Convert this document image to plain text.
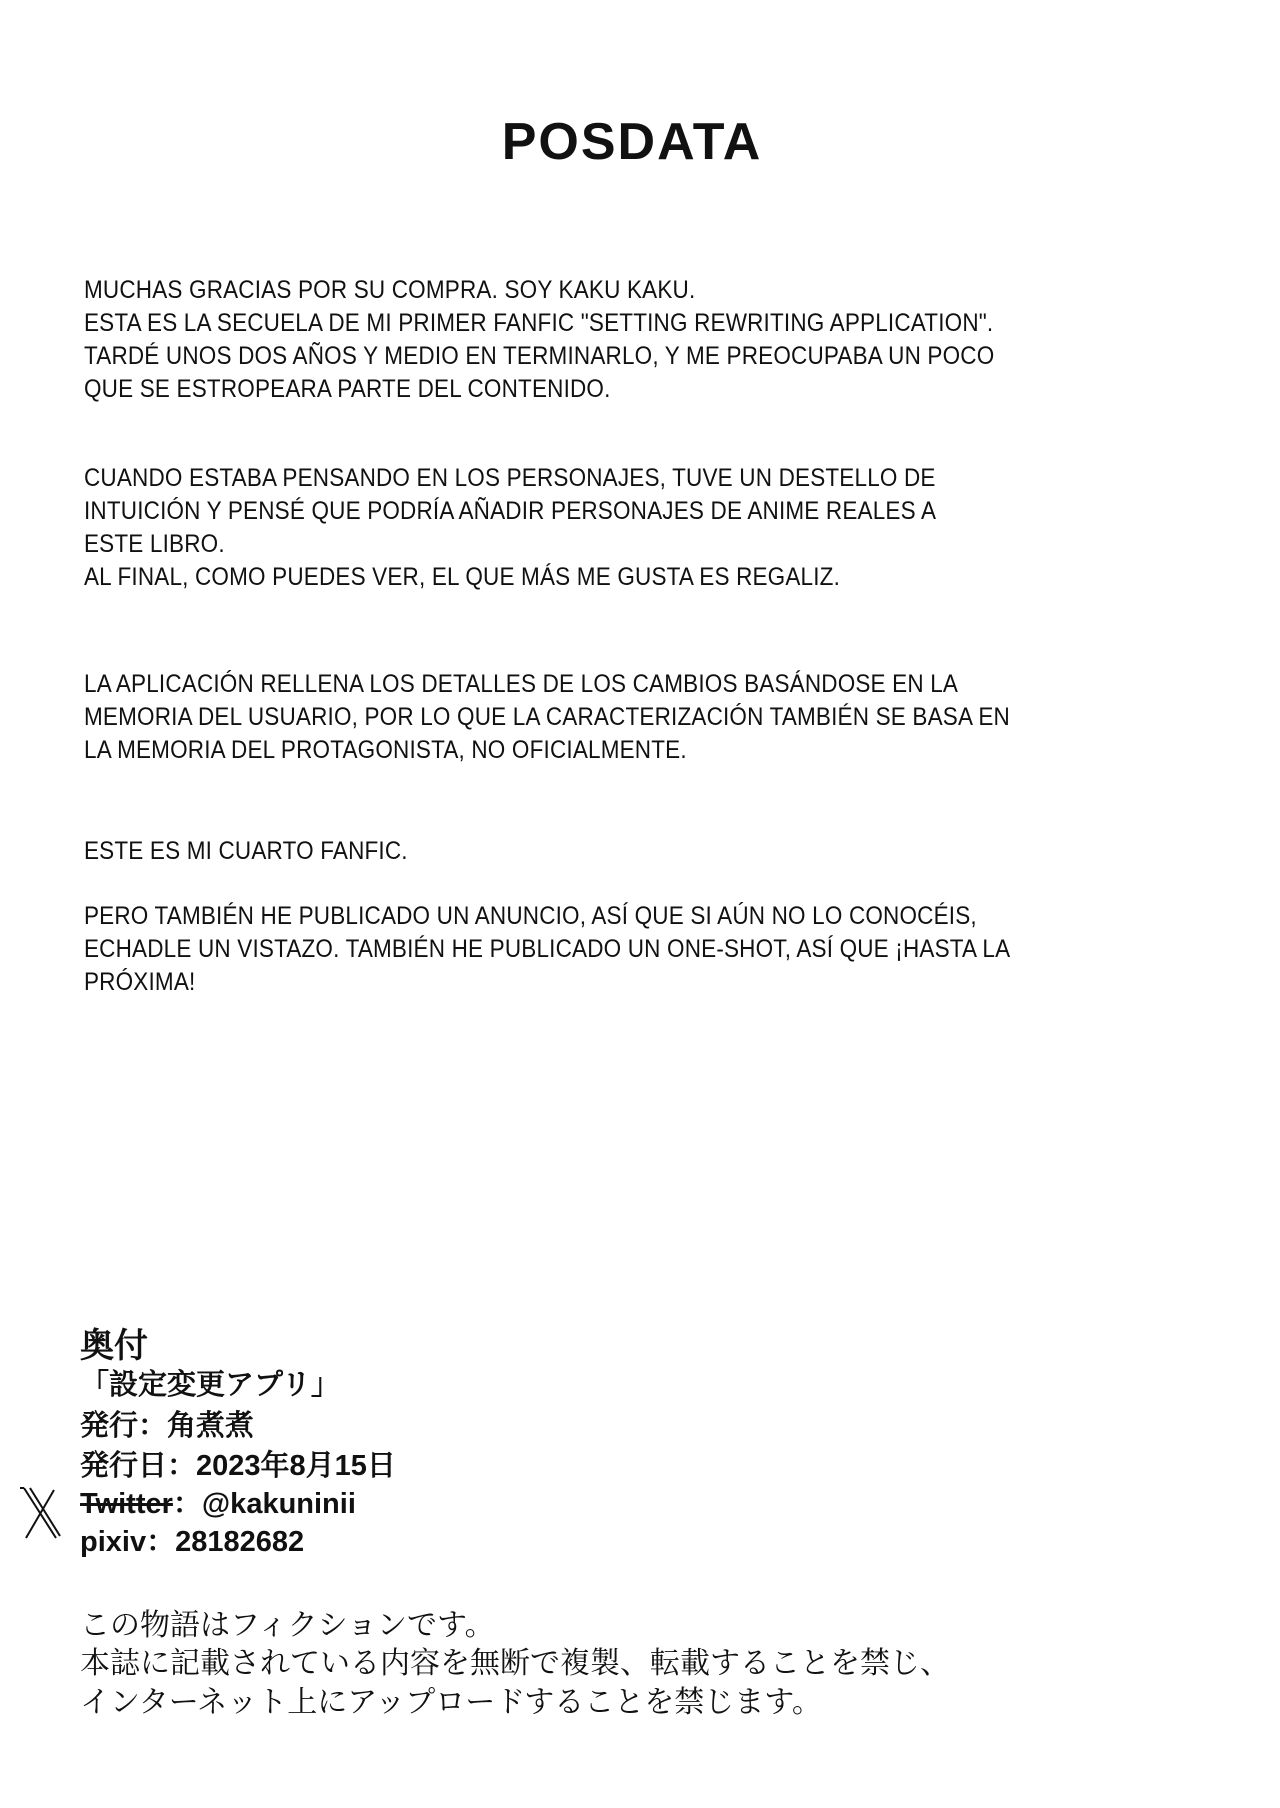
POSDATA
MUCHAS GRACIAS POR SU COMPRA. SOY KAKU KAKU.
ESTA ES LA SECUELA DE MI PRIMER FANFIC "SETTING REWRITING APPLICATION".
TARDÉ UNOS DOS AÑOS Y MEDIO EN TERMINARLO, Y ME PREOCUPABA UN POCO
QUE SE ESTROPEARA PARTE DEL CONTENIDO.
CUANDO ESTABA PENSANDO EN LOS PERSONAJES, TUVE UN DESTELLO DE
INTUICIÓN Y PENSÉ QUE PODRÍA AÑADIR PERSONAJES DE ANIME REALES A
ESTE LIBRO.
AL FINAL, COMO PUEDES VER, EL QUE MÁS ME GUSTA ES REGALIZ.
LA APLICACIÓN RELLENA LOS DETALLES DE LOS CAMBIOS BASÁNDOSE EN LA
MEMORIA DEL USUARIO, POR LO QUE LA CARACTERIZACIÓN TAMBIÉN SE BASA EN
LA MEMORIA DEL PROTAGONISTA, NO OFICIALMENTE.
ESTE ES MI CUARTO FANFIC.
PERO TAMBIÉN HE PUBLICADO UN ANUNCIO, ASÍ QUE SI AÚN NO LO CONOCÉIS,
ECHADLE UN VISTAZO. TAMBIÉN HE PUBLICADO UN ONE-SHOT, ASÍ QUE ¡HASTA LA
PRÓXIMA!
奥付
「設定変更アプリ」
発行：角煮煮
発行日：2023年8月15日
Twitter：@kakuninii
pixiv：28182682
この物語はフィクションです。
本誌に記載されている内容を無断で複製、転載することを禁じ、
インターネット上にアップロードすることを禁じます。
